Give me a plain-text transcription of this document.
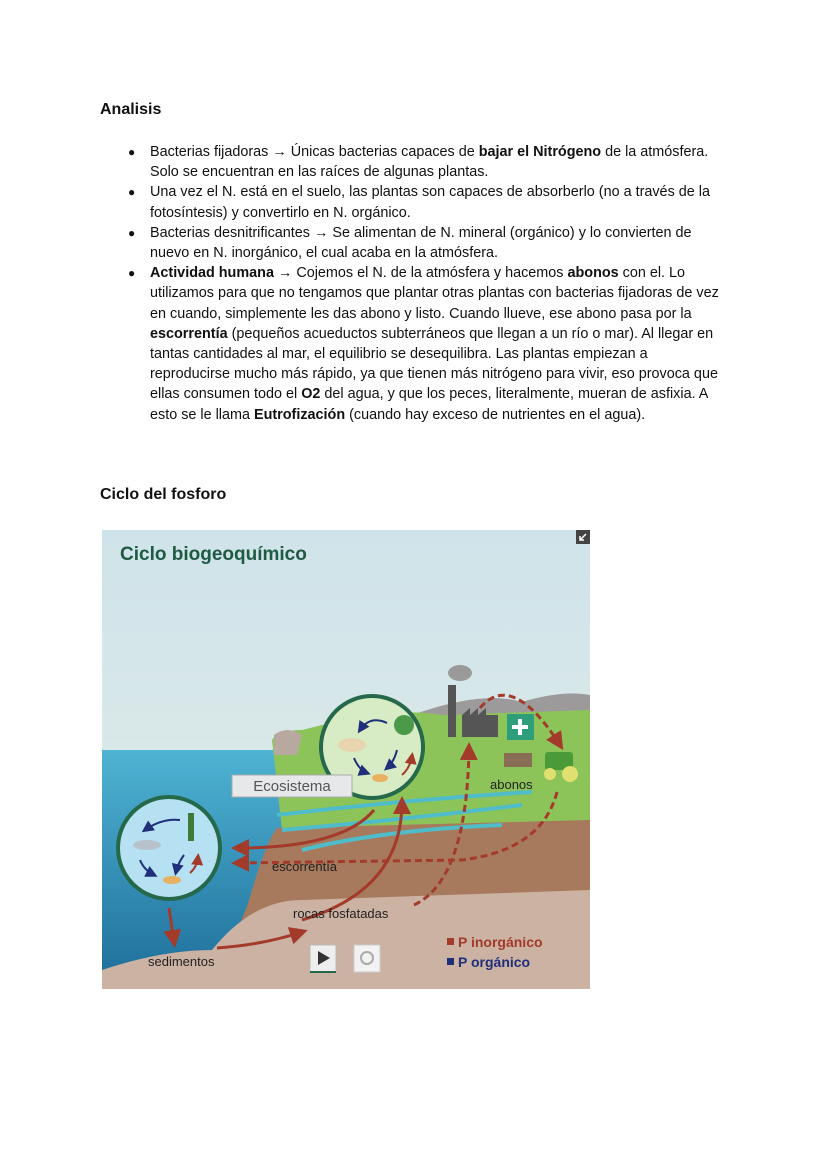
Analisis
● Bacterias fijadoras → Únicas bacterias capaces de bajar el Nitrógeno de la atmósfera. Solo se encuentran en las raíces de algunas plantas.
● Una vez el N. está en el suelo, las plantas son capaces de absorberlo (no a través de la fotosíntesis) y convertirlo en N. orgánico.
● Bacterias desnitrificantes → Se alimentan de N. mineral (orgánico) y lo convierten de nuevo en N. inorgánico, el cual acaba en la atmósfera.
● Actividad humana → Cojemos el N. de la atmósfera y hacemos abonos con el. Lo utilizamos para que no tengamos que plantar otras plantas con bacterias fijadoras de vez en cuando, simplemente les das abono y listo. Cuando llueve, ese abono pasa por la escorrentía (pequeños acueductos subterráneos que llegan a un río o mar). Al llegar en tantas cantidades al mar, el equilibrio se desequilibra. Las plantas empiezan a reproducirse mucho más rápido, ya que tienen más nitrógeno para vivir, eso provoca que ellas consumen todo el O2 del agua, y que los peces, literalmente, mueran de asfixia. A esto se le llama Eutrofización (cuando hay exceso de nutrientes en el agua).
Ciclo del fosforo
Ciclo biogeoquímico
Ecosistema	abonos
escorrentía
rocas fosfatadas
sedimentos
P inorgánico
P orgánico
